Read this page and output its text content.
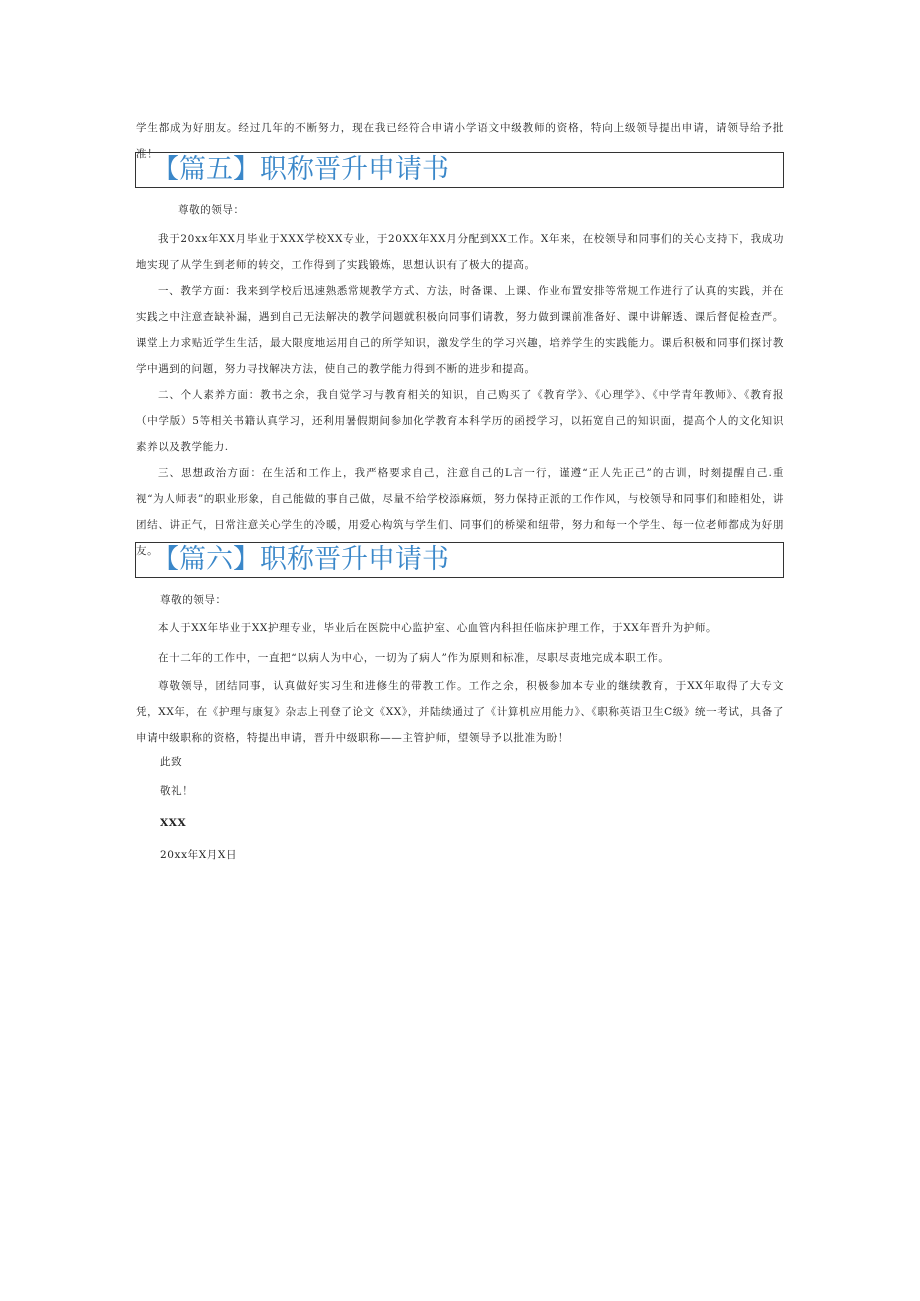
学生都成为好朋友。经过几年的不断努力，现在我已经符合申请小学语文中级教师的资格，特向上级领导提出申请，请领导给予批准！

【篇五】职称晋升申请书

尊敬的领导：

我于20xx年XX月毕业于XXX学校XX专业，于20XX年XX月分配到XX工作。X年来，在校领导和同事们的关心支持下，我成功地实现了从学生到老师的转交，工作得到了实践锻炼，思想认识有了极大的提高。

一、教学方面：我来到学校后迅速熟悉常规教学方式、方法，时备课、上课、作业布置安排等常规工作进行了认真的实践，并在实践之中注意查缺补漏，遇到自己无法解决的教学问题就积极向同事们请教，努力做到课前准备好、课中讲解透、课后督促检查严。课堂上力求贴近学生生活，最大限度地运用自己的所学知识，激发学生的学习兴趣，培养学生的实践能力。课后积极和同事们探讨教学中遇到的问题，努力寻找解决方法，使自己的教学能力得到不断的进步和提高。

二、个人素养方面：教书之余，我自觉学习与教育相关的知识，自己购买了《教育学》、《心理学》、《中学青年教师》、《教育报（中学版）5等相关书籍认真学习，还利用暑假期间参加化学教育本科学历的函授学习，以拓宽自己的知识面，提高个人的文化知识素养以及教学能力.

三、思想政治方面：在生活和工作上，我严格要求自己，注意自己的L言一行，谨遵“正人先正己”的古训，时刻提醒自己.重视“为人师表”的职业形象，自己能做的事自己做，尽量不给学校添麻烦，努力保持正派的工作作风，与校领导和同事们和睦相处，讲团结、讲正气，日常注意关心学生的冷暖，用爱心构筑与学生们、同事们的桥梁和纽带，努力和每一个学生、每一位老师都成为好朋友。

【篇六】职称晋升申请书

尊敬的领导：

本人于XX年毕业于XX护理专业，毕业后在医院中心监护室、心血管内科担任临床护理工作，于XX年晋升为护师。

在十二年的工作中，一直把“以病人为中心，一切为了病人”作为原则和标准，尽职尽责地完成本职工作。

尊敬领导，团结同事，认真做好实习生和进修生的带教工作。工作之余，积极参加本专业的继续教育，于XX年取得了大专文凭，XX年，在《护理与康复》杂志上刊登了论文《XX》，并陆续通过了《计算机应用能力》、《职称英语卫生C级》统一考试，具备了申请中级职称的资格，特提出申请，晋升中级职称——主管护师，望领导予以批准为盼！

此致

敬礼！

XXX

20xx年X月X日
